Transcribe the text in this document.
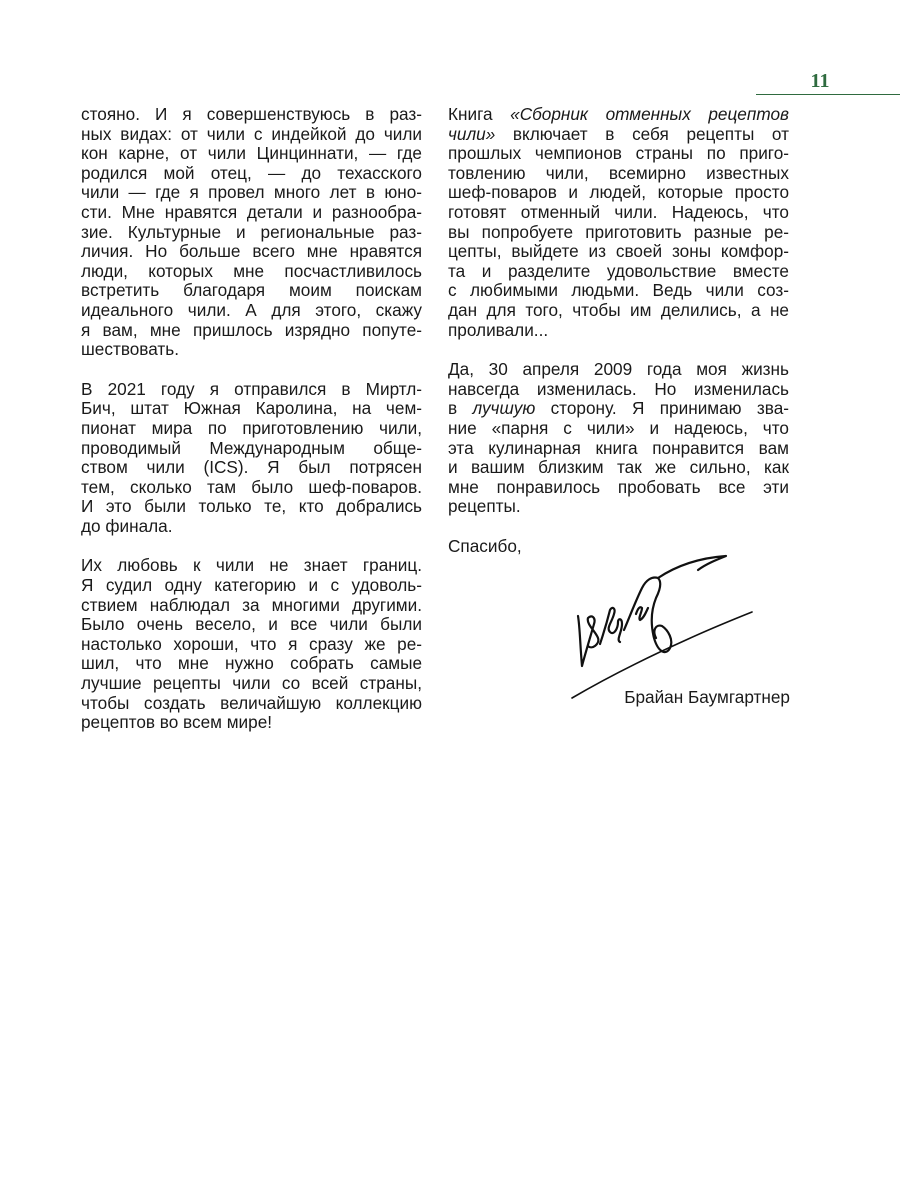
11
стояно. И я совершенствуюсь в раз-
ных видах: от чили с индейкой до чили
кон карне, от чили Цинциннати, — где
родился мой отец, — до техасского
чили — где я провел много лет в юно-
сти. Мне нравятся детали и разнообра-
зие. Культурные и региональные раз-
личия. Но больше всего мне нравятся
люди, которых мне посчастливилось
встретить благодаря моим поискам
идеального чили. А для этого, скажу
я вам, мне пришлось изрядно попуте-
шествовать.
В 2021 году я отправился в Миртл-
Бич, штат Южная Каролина, на чем-
пионат мира по приготовлению чили,
проводимый Международным обще-
ством чили (ICS). Я был потрясен
тем, сколько там было шеф-поваров.
И это были только те, кто добрались
до финала.
Их любовь к чили не знает границ.
Я судил одну категорию и с удоволь-
ствием наблюдал за многими другими.
Было очень весело, и все чили были
настолько хороши, что я сразу же ре-
шил, что мне нужно собрать самые
лучшие рецепты чили со всей страны,
чтобы создать величайшую коллекцию
рецептов во всем мире!
Книга «Сборник отменных рецептов
чили» включает в себя рецепты от
прошлых чемпионов страны по приго-
товлению чили, всемирно известных
шеф-поваров и людей, которые просто
готовят отменный чили. Надеюсь, что
вы попробуете приготовить разные ре-
цепты, выйдете из своей зоны комфор-
та и разделите удовольствие вместе
с любимыми людьми. Ведь чили соз-
дан для того, чтобы им делились, а не
проливали...
Да, 30 апреля 2009 года моя жизнь
навсегда изменилась. Но изменилась
в лучшую сторону. Я принимаю зва-
ние «парня с чили» и надеюсь, что
эта кулинарная книга понравится вам
и вашим близким так же сильно, как
мне понравилось пробовать все эти
рецепты.
Спасибо,
Брайан Баумгартнер
